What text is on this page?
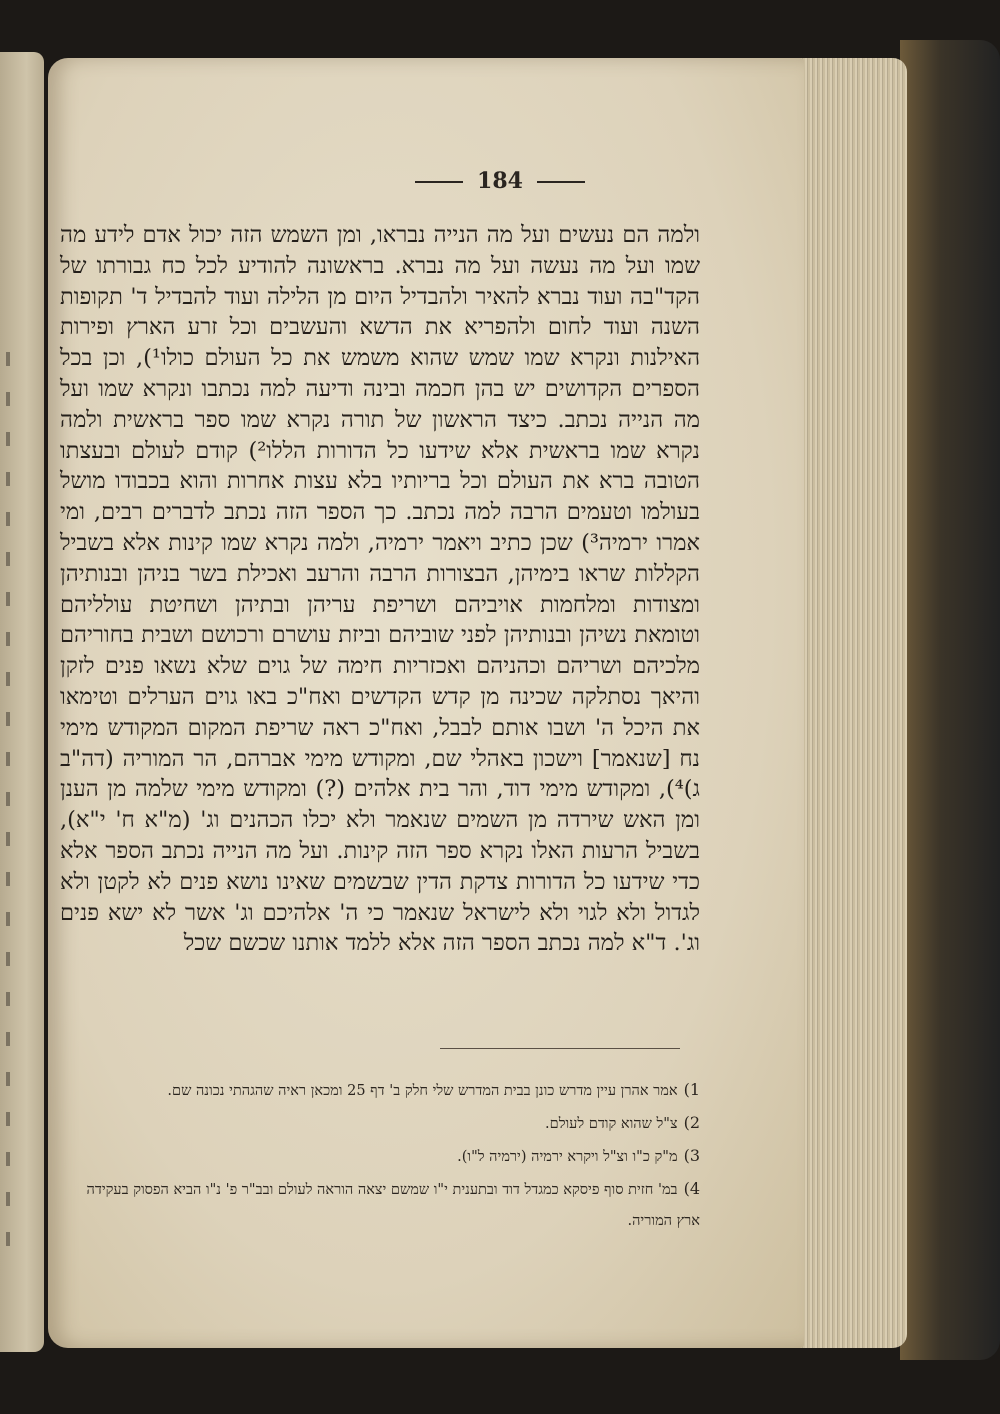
184

ולמה הם נעשים ועל מה הנייה נבראו, ומן השמש הזה יכול אדם לידע מה שמו ועל מה נעשה ועל מה נברא. בראשונה להודיע לכל כח גבורתו של הקד"בה ועוד נברא להאיר ולהבדיל היום מן הלילה ועוד להבדיל ד' תקופות השנה ועוד לחום ולהפריא את הדשא והעשבים וכל זרע הארץ ופירות האילנות ונקרא שמו שמש שהוא משמש את כל העולם כולו¹), וכן בכל הספרים הקדושים יש בהן חכמה ובינה ודיעה למה נכתבו ונקרא שמו ועל מה הנייה נכתב. כיצד הראשון של תורה נקרא שמו ספר בראשית ולמה נקרא שמו בראשית אלא שידעו כל הדורות הללו²) קודם לעולם ובעצתו הטובה ברא את העולם וכל בריותיו בלא עצות אחרות והוא בכבודו מושל בעולמו וטעמים הרבה למה נכתב. כך הספר הזה נכתב לדברים רבים, ומי אמרו ירמיה³) שכן כתיב ויאמר ירמיה, ולמה נקרא שמו קינות אלא בשביל הקללות שראו בימיהן, הבצורות הרבה והרעב ואכילת בשר בניהן ובנותיהן ומצודות ומלחמות אויביהם ושריפת עריהן ובתיהן ושחיטת עולליהם וטומאת נשיהן ובנותיהן לפני שוביהם וביזת עושרם ורכושם ושבית בחוריהם מלכיהם ושריהם וכהניהם ואכזריות חימה של גוים שלא נשאו פנים לזקן והיאך נסתלקה שכינה מן קדש הקדשים ואח"כ באו גוים הערלים וטימאו את היכל ה' ושבו אותם לבבל, ואח"כ ראה שריפת המקום המקודש מימי נח [שנאמר] וישכון באהלי שם, ומקודש מימי אברהם, הר המוריה (דה"ב ג)⁴), ומקודש מימי דוד, והר בית אלהים (?) ומקודש מימי שלמה מן הענן ומן האש שירדה מן השמים שנאמר ולא יכלו הכהנים וג' (מ"א ח' י"א), בשביל הרעות האלו נקרא ספר הזה קינות. ועל מה הנייה נכתב הספר אלא כדי שידעו כל הדורות צדקת הדין שבשמים שאינו נושא פנים לא לקטן ולא לגדול ולא לגוי ולא לישראל שנאמר כי ה' אלהיכם וג' אשר לא ישא פנים וג'. ד"א למה נכתב הספר הזה אלא ללמד אותנו שכשם שכל

1)אמר אהרן עיין מדרש כונן בבית המדרש שלי חלק ב' דף 25 ומכאן ראיה שהגהתי נכונה שם.

2)צ"ל שהוא קודם לעולם.

3)מ"ק כ"ו וצ"ל ויקרא ירמיה (ירמיה ל"ו).

4)במ' חזית סוף פיסקא כמגדל דוד ובתענית י"ו שמשם יצאה הוראה לעולם ובב"ר פ' נ"ו הביא הפסוק בעקידה ארץ המוריה.
